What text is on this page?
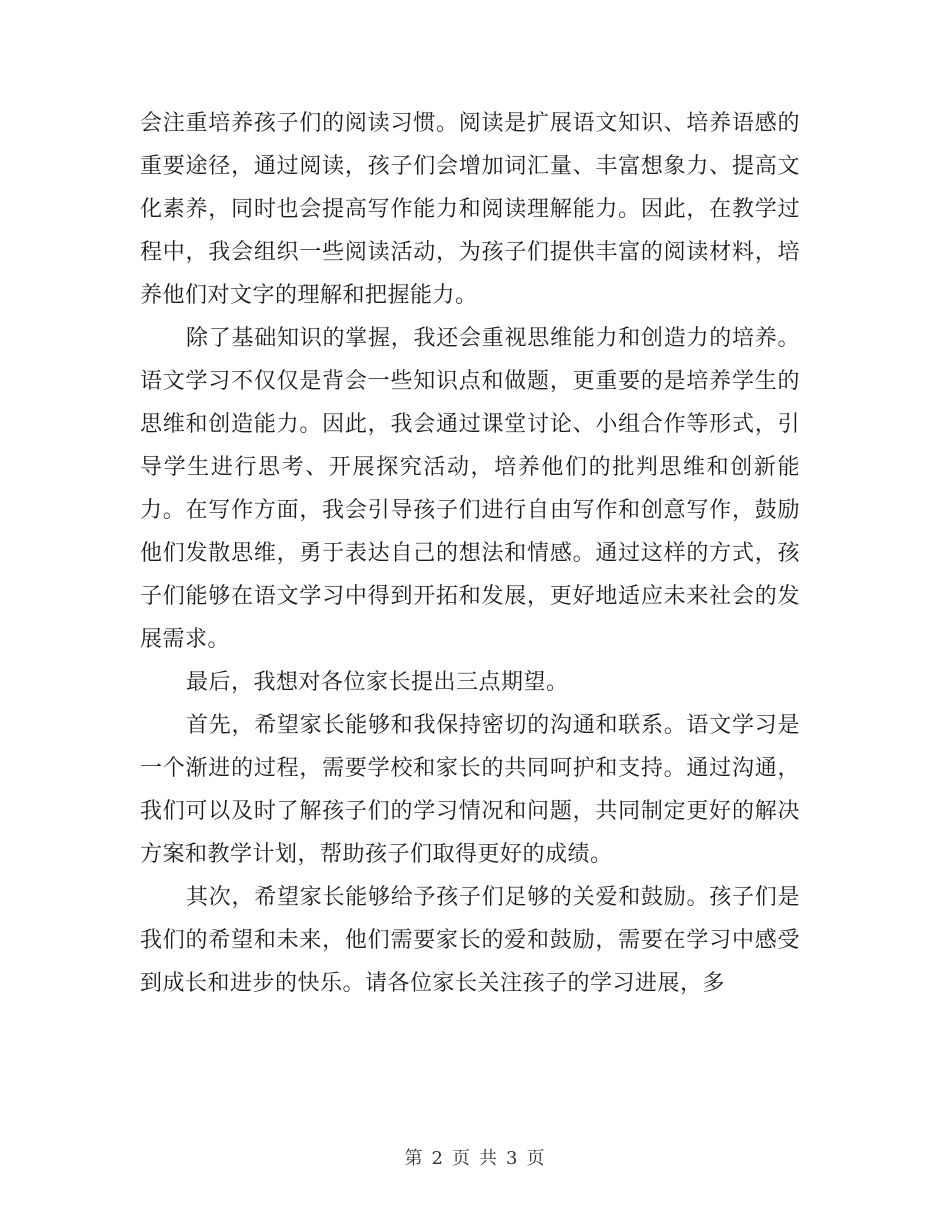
会注重培养孩子们的阅读习惯。阅读是扩展语文知识、培养语感的重要途径，通过阅读，孩子们会增加词汇量、丰富想象力、提高文化素养，同时也会提高写作能力和阅读理解能力。因此，在教学过程中，我会组织一些阅读活动，为孩子们提供丰富的阅读材料，培养他们对文字的理解和把握能力。

除了基础知识的掌握，我还会重视思维能力和创造力的培养。语文学习不仅仅是背会一些知识点和做题，更重要的是培养学生的思维和创造能力。因此，我会通过课堂讨论、小组合作等形式，引导学生进行思考、开展探究活动，培养他们的批判思维和创新能力。在写作方面，我会引导孩子们进行自由写作和创意写作，鼓励他们发散思维，勇于表达自己的想法和情感。通过这样的方式，孩子们能够在语文学习中得到开拓和发展，更好地适应未来社会的发展需求。

最后，我想对各位家长提出三点期望。

首先，希望家长能够和我保持密切的沟通和联系。语文学习是一个渐进的过程，需要学校和家长的共同呵护和支持。通过沟通，我们可以及时了解孩子们的学习情况和问题，共同制定更好的解决方案和教学计划，帮助孩子们取得更好的成绩。

其次，希望家长能够给予孩子们足够的关爱和鼓励。孩子们是我们的希望和未来，他们需要家长的爱和鼓励，需要在学习中感受到成长和进步的快乐。请各位家长关注孩子的学习进展，多

第 2 页 共 3 页
